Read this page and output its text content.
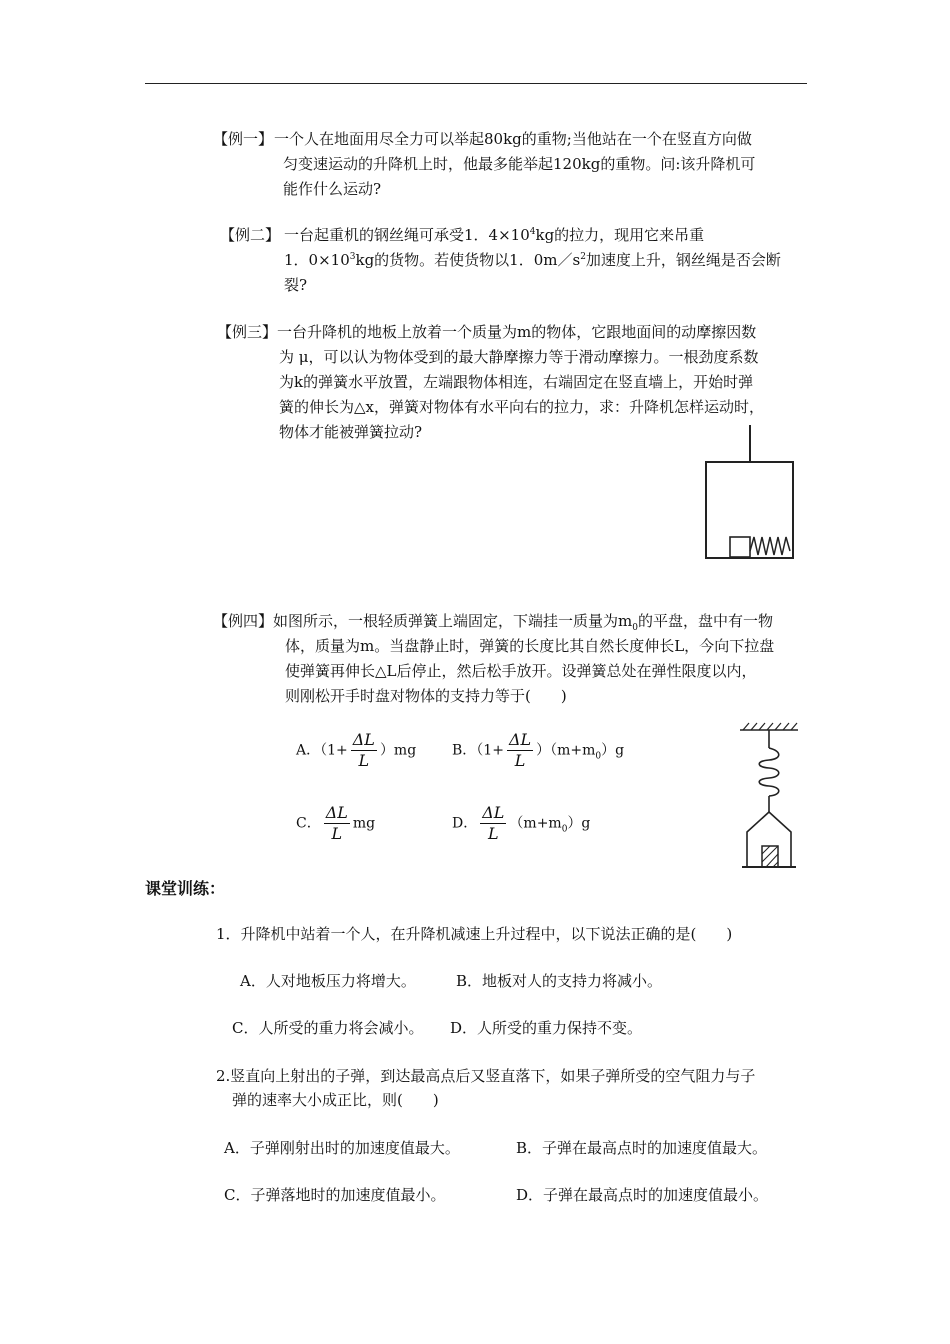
【例一】 一个人在地面用尽全力可以举起80kg的重物;当他站在一个在竖直方向做
匀变速运动的升降机上时，他最多能举起120kg的重物。问:该升降机可
能作什么运动?
【例二】 一台起重机的钢丝绳可承受1．$4\times 10^4kg$的拉力，现用它来吊重
1．$0\times 10^3kg$的货物。若使货物以1．$0m/s^2$加速度上升，钢丝绳是否会断
裂?
【例三】 一台升降机的地板上放着一个质量为m的物体，它跟地面间的动摩擦因数
为 μ，可以认为物体受到的最大静摩擦力等于滑动摩擦力。一根劲度系数
为k的弹簧水平放置，左端跟物体相连，右端固定在竖直墙上，开始时弹
簧的伸长为△x，弹簧对物体有水平向右的拉力，求：升降机怎样运动时，
物体才能被弹簧拉动?
【例四】 如图所示，一根轻质弹簧上端固定，下端挂一质量为$m_0$的平盘，盘中有一物
体，质量为m。当盘静止时，弹簧的长度比其自然长度伸长L，今向下拉盘
使弹簧再伸长△L后停止，然后松手放开。设弹簧总处在弹性限度以内，
则刚松开手时盘对物体的支持力等于(　　)
A．$(1+ \frac{\Delta L}{L} )mg$	B．$(1+ \frac{\Delta L}{L} )(m+m_0)g$
C． $\frac{\Delta L}{L}$ mg	D． $\frac{\Delta L}{L} (m+m_0)g$
课堂训练：
1．升降机中站着一个人，在升降机减速上升过程中，以下说法正确的是(　　)
A．人对地板压力将增大。	B．地板对人的支持力将减小。
C．人所受的重力将会减小。 D．人所受的重力保持不变。
2.竖直向上射出的子弹，到达最高点后又竖直落下，如果子弹所受的空气阻力与子
弹的速率大小成正比，则(　　)
A．子弹刚射出时的加速度值最大。	B．子弹在最高点时的加速度值最大。
C．子弹落地时的加速度值最小。	D．子弹在最高点时的加速度值最小。
